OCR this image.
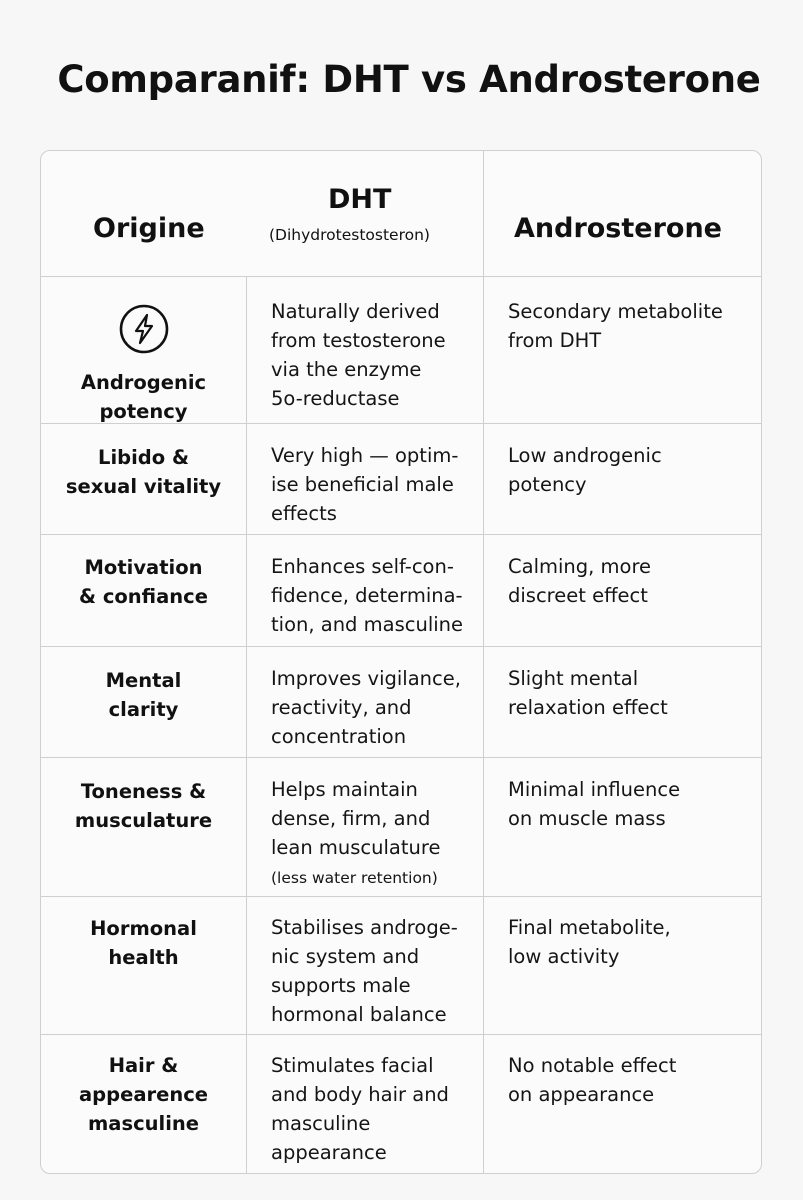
Comparanif: DHT vs Androsterone
Origine
DHT
(Dihydrotestosteron)	Androsterone
Androgenic
potency
Naturally derived
from testosterone
via the enzyme
5o-reductase
Secondary metabolite
from DHT
Libido &
sexual vitality
Very high — optim-
ise beneficial male
effects
Low androgenic
potency
Motivation
& confiance
Enhances self-con-
fidence, determina-
tion, and masculine
Calming, more
discreet effect
Mental
clarity
Improves vigilance,
reactivity, and
concentration
Slight mental
relaxation effect
Toneness &
musculature
Helps maintain
dense, firm, and
lean musculature
(less water retention)
Minimal influence
on muscle mass
Hormonal
health
Stabilises androge-
nic system and
supports male
hormonal balance
Final metabolite,
low activity
Hair &
appearence
masculine
Stimulates facial
and body hair and
masculine
appearance
No notable effect
on appearance
